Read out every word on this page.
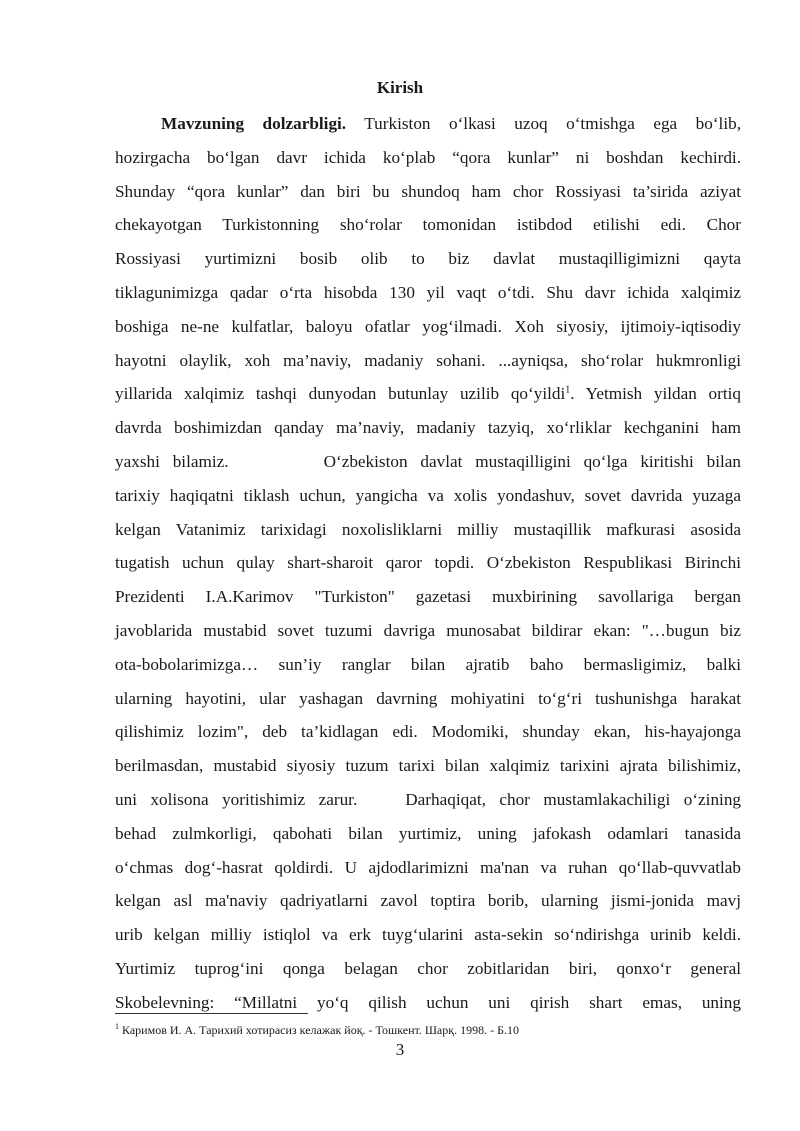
Kirish
Mavzuning dolzarbligi. Turkiston o‘lkasi uzoq o‘tmishga ega bo‘lib,
hozirgacha bo‘lgan davr ichida ko‘plab “qora kunlar” ni boshdan kechirdi.
Shunday “qora kunlar” dan biri bu shundoq ham chor Rossiyasi ta’sirida aziyat
chekayotgan Turkistonning sho‘rolar tomonidan istibdod etilishi edi. Chor
Rossiyasi yurtimizni bosib olib to biz davlat mustaqilligimizni qayta
tiklagunimizga qadar o‘rta hisobda 130 yil vaqt o‘tdi. Shu davr ichida xalqimiz
boshiga ne-ne kulfatlar, baloyu ofatlar yog‘ilmadi. Xoh siyosiy, ijtimoiy-iqtisodiy
hayotni olaylik, xoh ma’naviy, madaniy sohani. ...ayniqsa, sho‘rolar hukmronligi
yillarida xalqimiz tashqi dunyodan butunlay uzilib qo‘yildi$^1$. Yetmish yildan ortiq
davrda boshimizdan qanday ma’naviy, madaniy tazyiq, xo‘rliklar kechganini ham
yaxshi bilamiz.	O‘zbekiston davlat mustaqilligini qo‘lga kiritishi bilan
tarixiy haqiqatni tiklash uchun, yangicha va xolis yondashuv, sovet davrida yuzaga
kelgan Vatanimiz tarixidagi noxolisliklarni milliy mustaqillik mafkurasi asosida
tugatish uchun qulay shart-sharoit qaror topdi. O‘zbekiston Respublikasi Birinchi
Prezidenti I.A.Karimov "Turkiston" gazetasi muxbirining savollariga bergan
javoblarida mustabid sovet tuzumi davriga munosabat bildirar ekan: "…bugun biz
ota-bobolarimizga… sun’iy ranglar bilan ajratib baho bermasligimiz, balki
ularning hayotini, ular yashagan davrning mohiyatini to‘g‘ri tushunishga harakat
qilishimiz lozim", deb ta’kidlagan edi. Modomiki, shunday ekan, his-hayajonga
berilmasdan, mustabid siyosiy tuzum tarixi bilan xalqimiz tarixini ajrata bilishimiz,
uni xolisona yoritishimiz zarur.	Darhaqiqat, chor mustamlakachiligi o‘zining
behad zulmkorligi, qabohati bilan yurtimiz, uning jafokash odamlari tanasida
o‘chmas dog‘-hasrat qoldirdi. U ajdodlarimizni ma'nan va ruhan qo‘llab-quvvatlab
kelgan asl ma'naviy qadriyatlarni zavol toptira borib, ularning jismi-jonida mavj
urib kelgan milliy istiqlol va erk tuyg‘ularini asta-sekin so‘ndirishga urinib keldi.
Yurtimiz tuprog‘ini qonga belagan chor zobitlaridan biri, qonxo‘r general
Skobelevning: “Millatni yo‘q qilish uchun uni qirish shart emas, uning
$^1$ Каримов И. А. Тарихий хотирасиз келажак йоқ. - Тошкент. Шарқ. 1998. - Б.10
3
